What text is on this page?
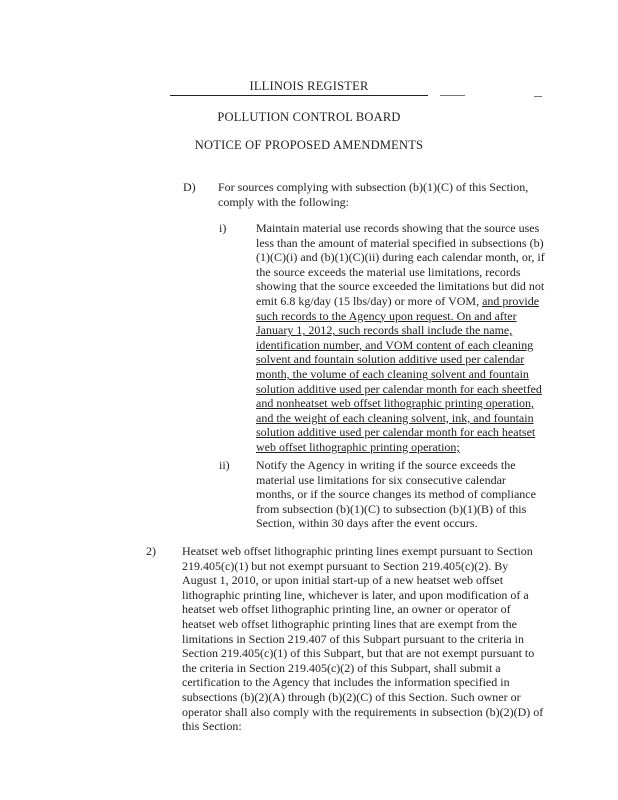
ILLINOIS REGISTER
POLLUTION CONTROL BOARD
NOTICE OF PROPOSED AMENDMENTS
D) For sources complying with subsection (b)(1)(C) of this Section, comply with the following:
i) Maintain material use records showing that the source uses less than the amount of material specified in subsections (b)(1)(C)(i) and (b)(1)(C)(ii) during each calendar month, or, if the source exceeds the material use limitations, records showing that the source exceeded the limitations but did not emit 6.8 kg/day (15 lbs/day) or more of VOM, and provide such records to the Agency upon request. On and after January 1, 2012, such records shall include the name, identification number, and VOM content of each cleaning solvent and fountain solution additive used per calendar month, the volume of each cleaning solvent and fountain solution additive used per calendar month for each sheetfed and nonheatset web offset lithographic printing operation, and the weight of each cleaning solvent, ink, and fountain solution additive used per calendar month for each heatset web offset lithographic printing operation;
ii) Notify the Agency in writing if the source exceeds the material use limitations for six consecutive calendar months, or if the source changes its method of compliance from subsection (b)(1)(C) to subsection (b)(1)(B) of this Section, within 30 days after the event occurs.
2) Heatset web offset lithographic printing lines exempt pursuant to Section 219.405(c)(1) but not exempt pursuant to Section 219.405(c)(2). By August 1, 2010, or upon initial start-up of a new heatset web offset lithographic printing line, whichever is later, and upon modification of a heatset web offset lithographic printing line, an owner or operator of heatset web offset lithographic printing lines that are exempt from the limitations in Section 219.407 of this Subpart pursuant to the criteria in Section 219.405(c)(1) of this Subpart, but that are not exempt pursuant to the criteria in Section 219.405(c)(2) of this Subpart, shall submit a certification to the Agency that includes the information specified in subsections (b)(2)(A) through (b)(2)(C) of this Section. Such owner or operator shall also comply with the requirements in subsection (b)(2)(D) of this Section:
